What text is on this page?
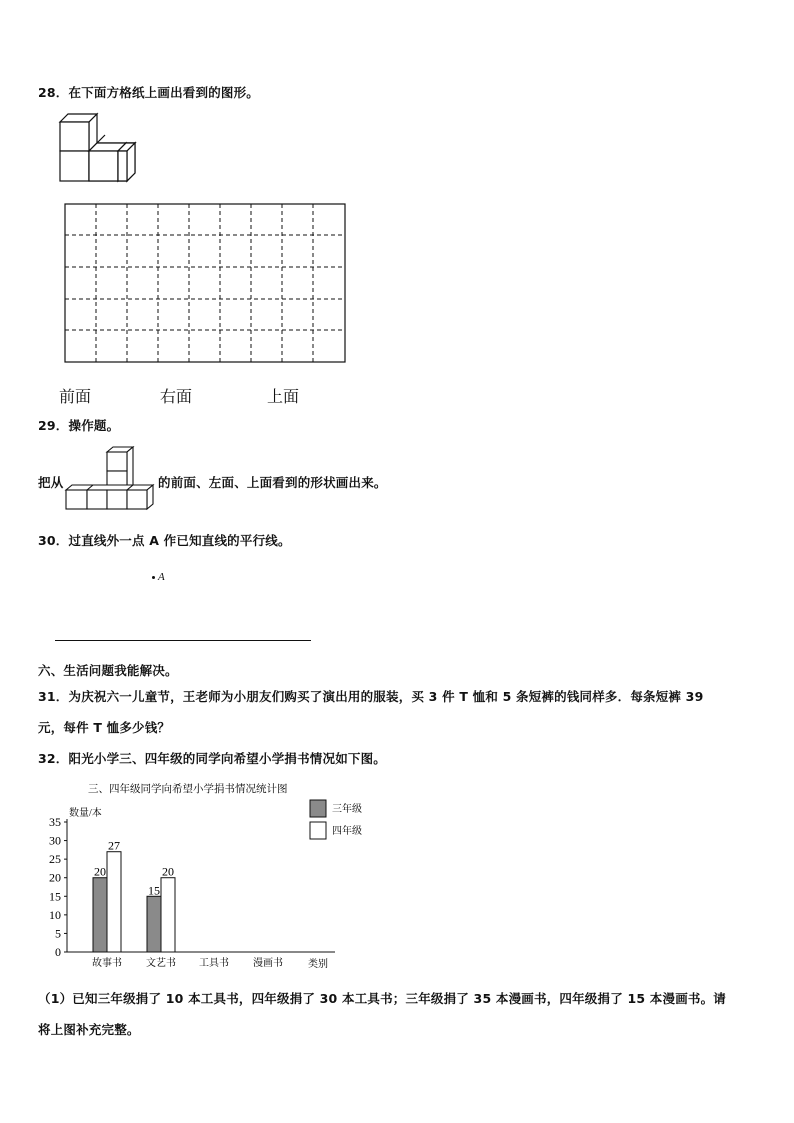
28．在下面方格纸上画出看到的图形。
前面	右面	上面
29．操作题。
把从	的前面、左面、上面看到的形状画出来。
30．过直线外一点 A 作已知直线的平行线。
A
六、生活问题我能解决。
31．为庆祝六一儿童节，王老师为小朋友们购买了演出用的服装，买 3 件 T 恤和 5 条短裤的钱同样多．每条短裤 39
元，每件 T 恤多少钱？
32．阳光小学三、四年级的同学向希望小学捐书情况如下图。
三、四年级同学向希望小学捐书情况统计图
数量/本
0
5
10
15
20
25
30
35
20
27
故事书
15
20
文艺书 工具书 漫画书	类别
三年级
四年级
（1）已知三年级捐了 10 本工具书，四年级捐了 30 本工具书；三年级捐了 35 本漫画书，四年级捐了 15 本漫画书。请
将上图补充完整。
